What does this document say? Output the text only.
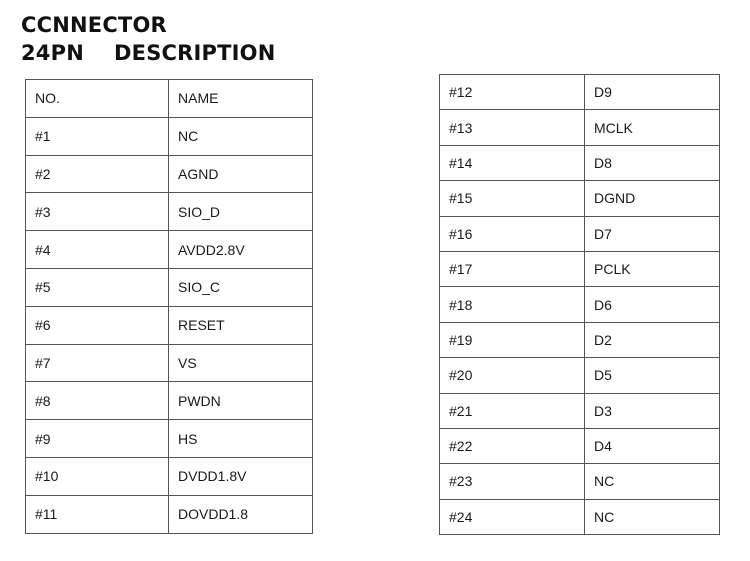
CCNNECTOR
24PN    DESCRIPTION
NO.	NAME
#1	NC
#2	AGND
#3	SIO_D
#4	AVDD2.8V
#5	SIO_C
#6	RESET
#7	VS
#8	PWDN
#9	HS
#10	DVDD1.8V
#11	DOVDD1.8
#12	D9
#13	MCLK
#14	D8
#15	DGND
#16	D7
#17	PCLK
#18	D6
#19	D2
#20	D5
#21	D3
#22	D4
#23	NC
#24	NC
